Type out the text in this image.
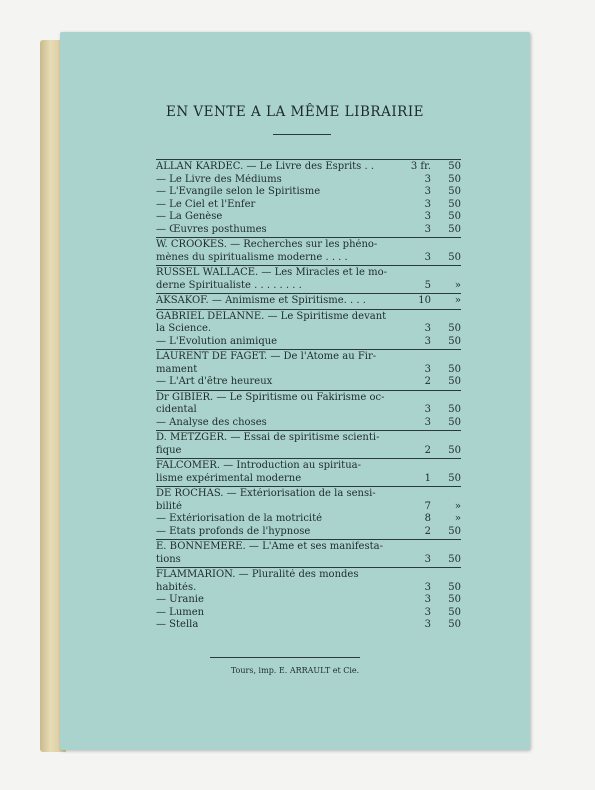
EN VENTE A LA MÊME LIBRAIRIE
ALLAN KARDEC. — Le Livre des Esprits . .	3 fr.	50
— Le Livre des Médiums	3	50
— L'Évangile selon le Spiritisme	3	50
— Le Ciel et l'Enfer	3	50
— La Genèse	3	50
— Œuvres posthumes	3	50
W. CROOKES. — Recherches sur les phéno-
mènes du spiritualisme moderne . . . .	3	50
RUSSEL WALLACE. — Les Miracles et le mo-
derne Spiritualiste . . . . . . . .	5	»
AKSAKOF. — Animisme et Spiritisme. . . .	10	»
GABRIEL DELANNE. — Le Spiritisme devant
la Science.	3	50
— L'Évolution animique	3	50
LAURENT DE FAGET. — De l'Atome au Fir-
mament	3	50
— L'Art d'être heureux	2	50
Dr GIBIER. — Le Spiritisme ou Fakirisme oc-
cidental	3	50
— Analyse des choses	3	50
D. METZGER. — Essai de spiritisme scienti-
fique	2	50
FALCOMER. — Introduction au spiritua-
lisme expérimental moderne	1	50
DE ROCHAS. — Extériorisation de la sensi-
bilité	7	»
— Extériorisation de la motricité	8	»
— États profonds de l'hypnose	2	50
E. BONNEMÈRE. — L'Âme et ses manifesta-
tions	3	50
FLAMMARION. — Pluralité des mondes
habités.	3	50
— Uranie	3	50
— Lumen	3	50
— Stella	3	50
Tours, imp. E. ARRAULT et Cie.
